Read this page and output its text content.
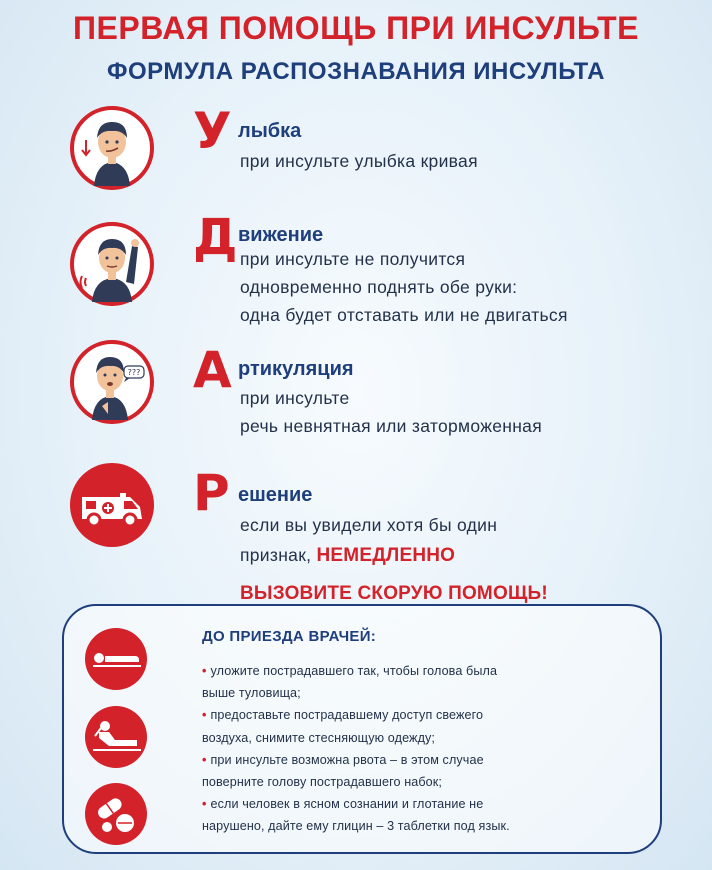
ПЕРВАЯ ПОМОЩЬ ПРИ ИНСУЛЬТЕ
ФОРМУЛА РАСПОЗНАВАНИЯ ИНСУЛЬТА
У лыбка
при инсульте улыбка кривая
Д вижение
при инсульте не получится
одновременно поднять обе руки:
одна будет отставать или не двигаться
??? А ртикуляция
при инсульте
речь невнятная или заторможенная
Р ешение
если вы увидели хотя бы один
признак, НЕМЕДЛЕННО
ВЫЗОВИТЕ СКОРУЮ ПОМОЩЬ!
ДО ПРИЕЗДА ВРАЧЕЙ:
• уложите пострадавшего так, чтобы голова была
выше туловища;
• предоставьте пострадавшему доступ свежего
воздуха, снимите стесняющую одежду;
• при инсульте возможна рвота – в этом случае
поверните голову пострадавшего набок;
• если человек в ясном сознании и глотание не
нарушено, дайте ему глицин – 3 таблетки под язык.
